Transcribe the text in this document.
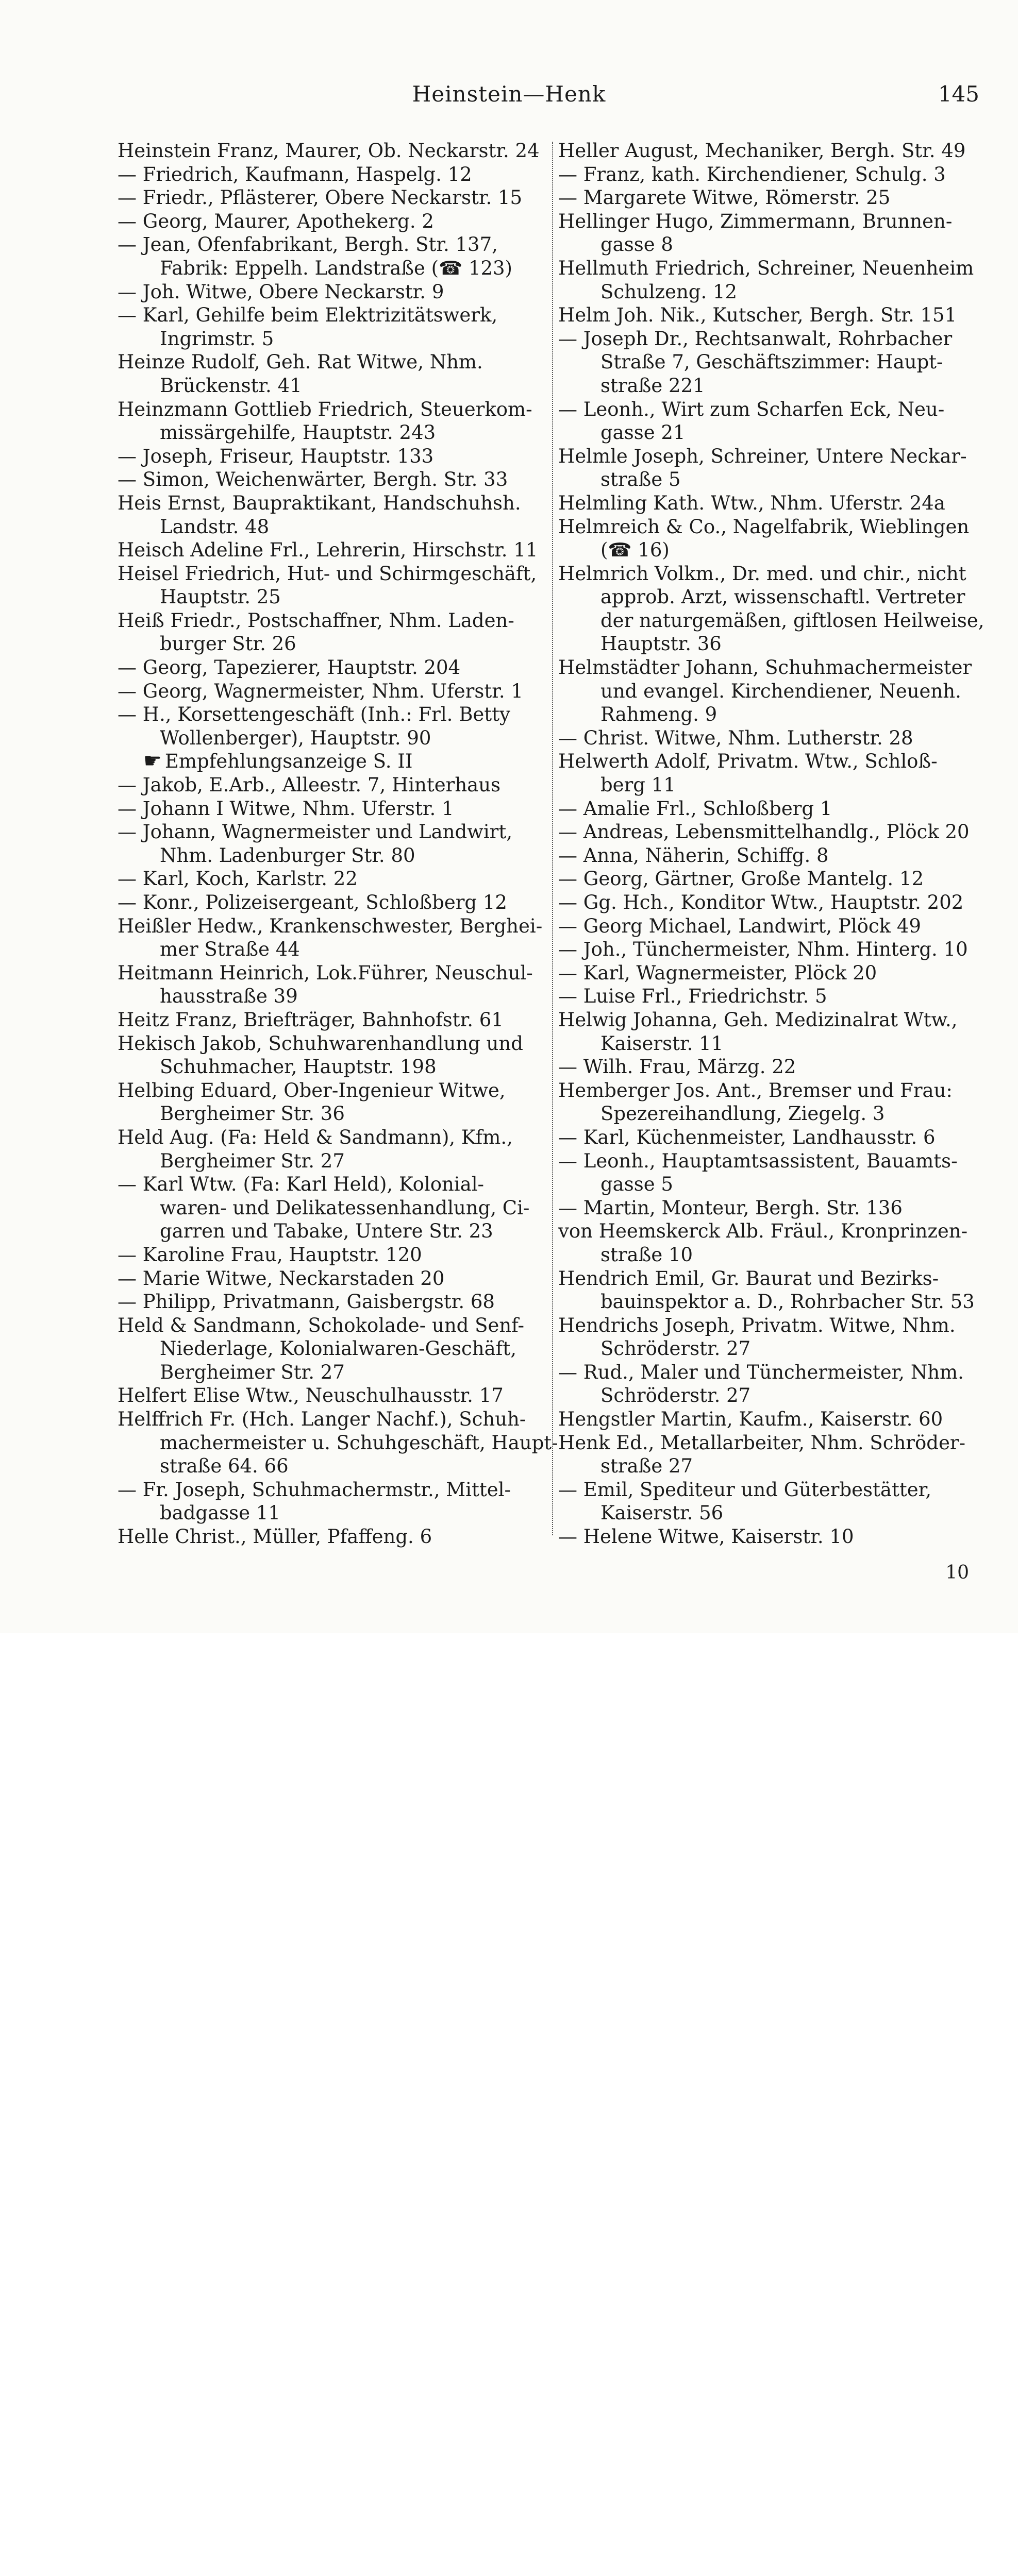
Heinstein—Henk	145
Heinstein Franz, Maurer, Ob. Neckarstr. 24
— Friedrich, Kaufmann, Haspelg. 12
— Friedr., Pflästerer, Obere Neckarstr. 15
— Georg, Maurer, Apothekerg. 2
— Jean, Ofenfabrikant, Bergh. Str. 137,
Fabrik: Eppelh. Landstraße (☎ 123)
— Joh. Witwe, Obere Neckarstr. 9
— Karl, Gehilfe beim Elektrizitätswerk,
Ingrimstr. 5
Heinze Rudolf, Geh. Rat Witwe, Nhm.
Brückenstr. 41
Heinzmann Gottlieb Friedrich, Steuerkom-
missärgehilfe, Hauptstr. 243
— Joseph, Friseur, Hauptstr. 133
— Simon, Weichenwärter, Bergh. Str. 33
Heis Ernst, Baupraktikant, Handschuhsh.
Landstr. 48
Heisch Adeline Frl., Lehrerin, Hirschstr. 11
Heisel Friedrich, Hut- und Schirmgeschäft,
Hauptstr. 25
Heiß Friedr., Postschaffner, Nhm. Laden-
burger Str. 26
— Georg, Tapezierer, Hauptstr. 204
— Georg, Wagnermeister, Nhm. Uferstr. 1
— H., Korsettengeschäft (Inh.: Frl. Betty
Wollenberger), Hauptstr. 90
☛ Empfehlungsanzeige S. II
— Jakob, E.Arb., Alleestr. 7, Hinterhaus
— Johann I Witwe, Nhm. Uferstr. 1
— Johann, Wagnermeister und Landwirt,
Nhm. Ladenburger Str. 80
— Karl, Koch, Karlstr. 22
— Konr., Polizeisergeant, Schloßberg 12
Heißler Hedw., Krankenschwester, Berghei-
mer Straße 44
Heitmann Heinrich, Lok.Führer, Neuschul-
hausstraße 39
Heitz Franz, Briefträger, Bahnhofstr. 61
Hekisch Jakob, Schuhwarenhandlung und
Schuhmacher, Hauptstr. 198
Helbing Eduard, Ober-Ingenieur Witwe,
Bergheimer Str. 36
Held Aug. (Fa: Held & Sandmann), Kfm.,
Bergheimer Str. 27
— Karl Wtw. (Fa: Karl Held), Kolonial-
waren- und Delikatessenhandlung, Ci-
garren und Tabake, Untere Str. 23
— Karoline Frau, Hauptstr. 120
— Marie Witwe, Neckarstaden 20
— Philipp, Privatmann, Gaisbergstr. 68
Held & Sandmann, Schokolade- und Senf-
Niederlage, Kolonialwaren-Geschäft,
Bergheimer Str. 27
Helfert Elise Wtw., Neuschulhausstr. 17
Helffrich Fr. (Hch. Langer Nachf.), Schuh-
machermeister u. Schuhgeschäft, Haupt-
straße 64. 66
— Fr. Joseph, Schuhmachermstr., Mittel-
badgasse 11
Helle Christ., Müller, Pfaffeng. 6
Heller August, Mechaniker, Bergh. Str. 49
— Franz, kath. Kirchendiener, Schulg. 3
— Margarete Witwe, Römerstr. 25
Hellinger Hugo, Zimmermann, Brunnen-
gasse 8
Hellmuth Friedrich, Schreiner, Neuenheim
Schulzeng. 12
Helm Joh. Nik., Kutscher, Bergh. Str. 151
— Joseph Dr., Rechtsanwalt, Rohrbacher
Straße 7, Geschäftszimmer: Haupt-
straße 221
— Leonh., Wirt zum Scharfen Eck, Neu-
gasse 21
Helmle Joseph, Schreiner, Untere Neckar-
straße 5
Helmling Kath. Wtw., Nhm. Uferstr. 24a
Helmreich & Co., Nagelfabrik, Wieblingen
(☎ 16)
Helmrich Volkm., Dr. med. und chir., nicht
approb. Arzt, wissenschaftl. Vertreter
der naturgemäßen, giftlosen Heilweise,
Hauptstr. 36
Helmstädter Johann, Schuhmachermeister
und evangel. Kirchendiener, Neuenh.
Rahmeng. 9
— Christ. Witwe, Nhm. Lutherstr. 28
Helwerth Adolf, Privatm. Wtw., Schloß-
berg 11
— Amalie Frl., Schloßberg 1
— Andreas, Lebensmittelhandlg., Plöck 20
— Anna, Näherin, Schiffg. 8
— Georg, Gärtner, Große Mantelg. 12
— Gg. Hch., Konditor Wtw., Hauptstr. 202
— Georg Michael, Landwirt, Plöck 49
— Joh., Tünchermeister, Nhm. Hinterg. 10
— Karl, Wagnermeister, Plöck 20
— Luise Frl., Friedrichstr. 5
Helwig Johanna, Geh. Medizinalrat Wtw.,
Kaiserstr. 11
— Wilh. Frau, Märzg. 22
Hemberger Jos. Ant., Bremser und Frau:
Spezereihandlung, Ziegelg. 3
— Karl, Küchenmeister, Landhausstr. 6
— Leonh., Hauptamtsassistent, Bauamts-
gasse 5
— Martin, Monteur, Bergh. Str. 136
von Heemskerck Alb. Fräul., Kronprinzen-
straße 10
Hendrich Emil, Gr. Baurat und Bezirks-
bauinspektor a. D., Rohrbacher Str. 53
Hendrichs Joseph, Privatm. Witwe, Nhm.
Schröderstr. 27
— Rud., Maler und Tünchermeister, Nhm.
Schröderstr. 27
Hengstler Martin, Kaufm., Kaiserstr. 60
Henk Ed., Metallarbeiter, Nhm. Schröder-
straße 27
— Emil, Spediteur und Güterbestätter,
Kaiserstr. 56
— Helene Witwe, Kaiserstr. 10
10
